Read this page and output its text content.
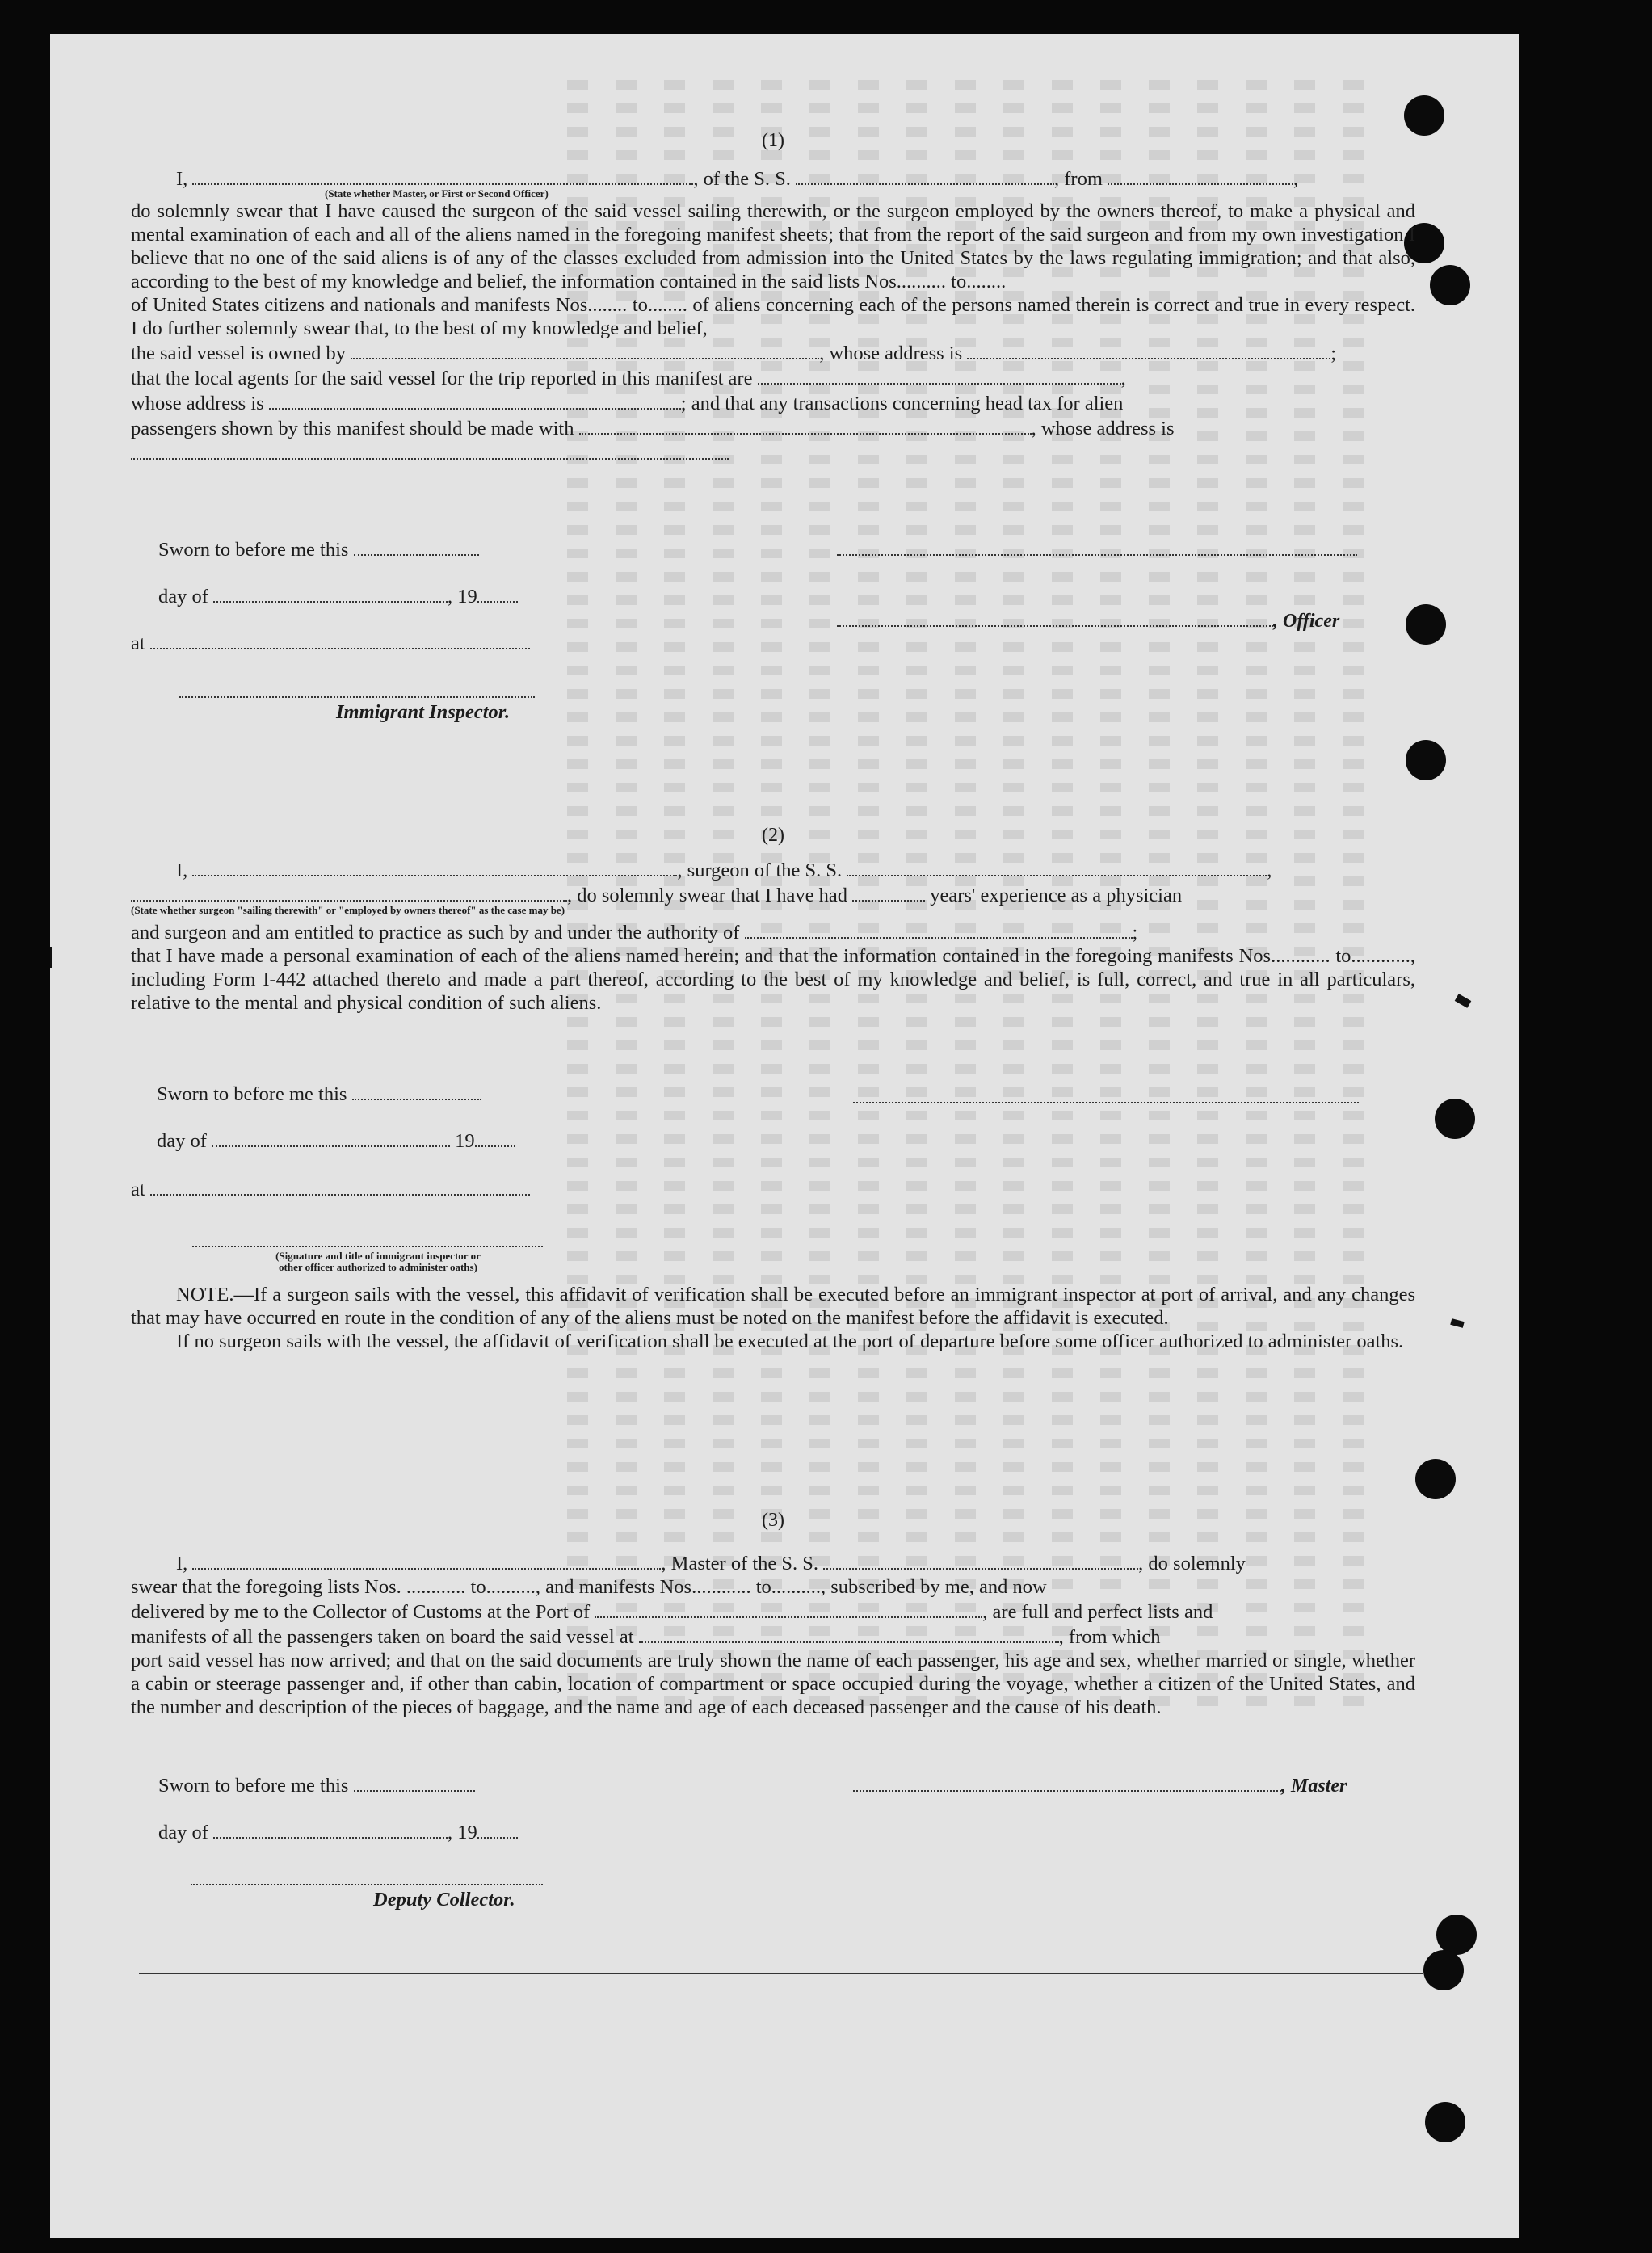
(1)

I,	, of the S. S.	, from	,
(State whether Master, or First or Second Officer)

do solemnly swear that I have caused the surgeon of the said vessel sailing therewith, or the surgeon employed by the owners thereof, to make a physical and mental examination of each and all of the aliens named in the foregoing manifest sheets; that from the report of the said surgeon and from my own investigation I believe that no one of the said aliens is of any of the classes excluded from admission into the United States by the laws regulating immigration; and that also, according to the best of my knowledge and belief, the information contained in the said lists Nos.......... to........

of United States citizens and nationals and manifests Nos........ to........ of aliens concerning each of the persons named therein is correct and true in every respect. I do further solemnly swear that, to the best of my knowledge and belief,

the said vessel is owned by	, whose address is	;
that the local agents for the said vessel for the trip reported in this manifest are	,
whose address is	; and that any transactions concerning head tax for alien
passengers shown by this manifest should be made with	, whose address is
Sworn to before me this
day of	, 19
, Officer
at
Immigrant Inspector.

(2)

I,	, surgeon of the S. S.	,
, do solemnly swear that I have had	years' experience as a physician
(State whether surgeon "sailing therewith" or "employed by owners thereof" as the case may be)
and surgeon and am entitled to practice as such by and under the authority of	;

that I have made a personal examination of each of the aliens named herein; and that the information contained in the foregoing manifests Nos............ to............, including Form I-442 attached thereto and made a part thereof, according to the best of my knowledge and belief, is full, correct, and true in all particulars, relative to the mental and physical condition of such aliens.

Sworn to before me this
day of	19
at
(Signature and title of immigrant inspector or
other officer authorized to administer oaths)

NOTE.—If a surgeon sails with the vessel, this affidavit of verification shall be executed before an immigrant inspector at port of arrival, and any changes that may have occurred en route in the condition of any of the aliens must be noted on the manifest before the affidavit is executed.

If no surgeon sails with the vessel, the affidavit of verification shall be executed at the port of departure before some officer authorized to administer oaths.

(3)

I,	, Master of the S. S.	, do solemnly
swear that the foregoing lists Nos. ............ to.........., and manifests Nos............ to.........., subscribed by me, and now
delivered by me to the Collector of Customs at the Port of	, are full and perfect lists and
manifests of all the passengers taken on board the said vessel at	, from which

port said vessel has now arrived; and that on the said documents are truly shown the name of each passenger, his age and sex, whether married or single, whether a cabin or steerage passenger and, if other than cabin, location of compartment or space occupied during the voyage, whether a citizen of the United States, and the number and description of the pieces of baggage, and the name and age of each deceased passenger and the cause of his death.

Sworn to before me this	, Master
day of	, 19
Deputy Collector.
